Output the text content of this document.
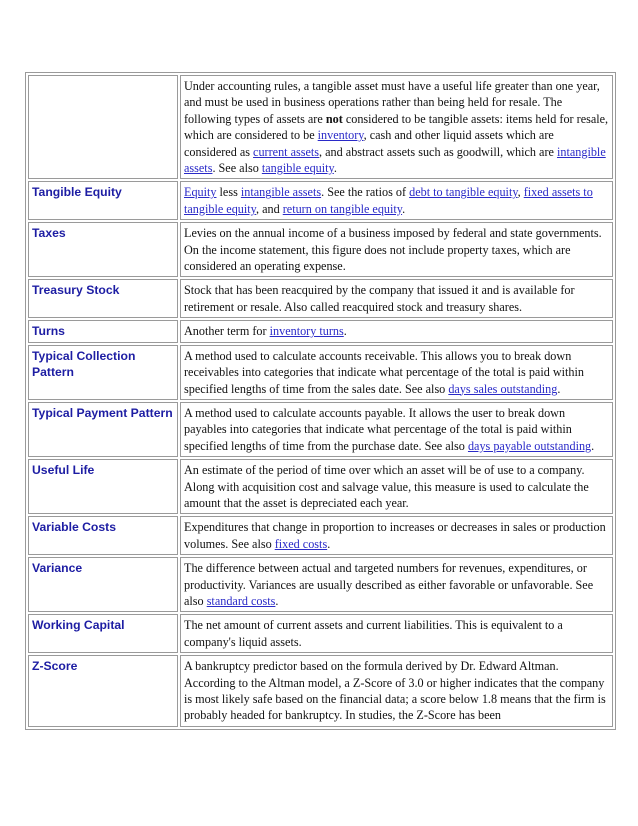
	Under accounting rules, a tangible asset must have a useful life greater than one year, and must be used in business operations rather than being held for resale. The following types of assets are not considered to be tangible assets: items held for resale, which are considered to be inventory, cash and other liquid assets which are considered as current assets, and abstract assets such as goodwill, which are intangible assets. See also tangible equity.
Tangible Equity	Equity less intangible assets. See the ratios of debt to tangible equity, fixed assets to tangible equity, and return on tangible equity.
Taxes	Levies on the annual income of a business imposed by federal and state governments. On the income statement, this figure does not include property taxes, which are considered an operating expense.
Treasury Stock	Stock that has been reacquired by the company that issued it and is available for retirement or resale. Also called reacquired stock and treasury shares.
Turns	Another term for inventory turns.
Typical Collection Pattern	A method used to calculate accounts receivable. This allows you to break down receivables into categories that indicate what percentage of the total is paid within specified lengths of time from the sales date. See also days sales outstanding.
Typical Payment Pattern	A method used to calculate accounts payable. It allows the user to break down payables into categories that indicate what percentage of the total is paid within specified lengths of time from the purchase date. See also days payable outstanding.
Useful Life	An estimate of the period of time over which an asset will be of use to a company. Along with acquisition cost and salvage value, this measure is used to calculate the amount that the asset is depreciated each year.
Variable Costs	Expenditures that change in proportion to increases or decreases in sales or production volumes. See also fixed costs.
Variance	The difference between actual and targeted numbers for revenues, expenditures, or productivity. Variances are usually described as either favorable or unfavorable. See also standard costs.
Working Capital	The net amount of current assets and current liabilities. This is equivalent to a company's liquid assets.
Z-Score	A bankruptcy predictor based on the formula derived by Dr. Edward Altman. According to the Altman model, a Z-Score of 3.0 or higher indicates that the company is most likely safe based on the financial data; a score below 1.8 means that the firm is probably headed for bankruptcy. In studies, the Z-Score has been
